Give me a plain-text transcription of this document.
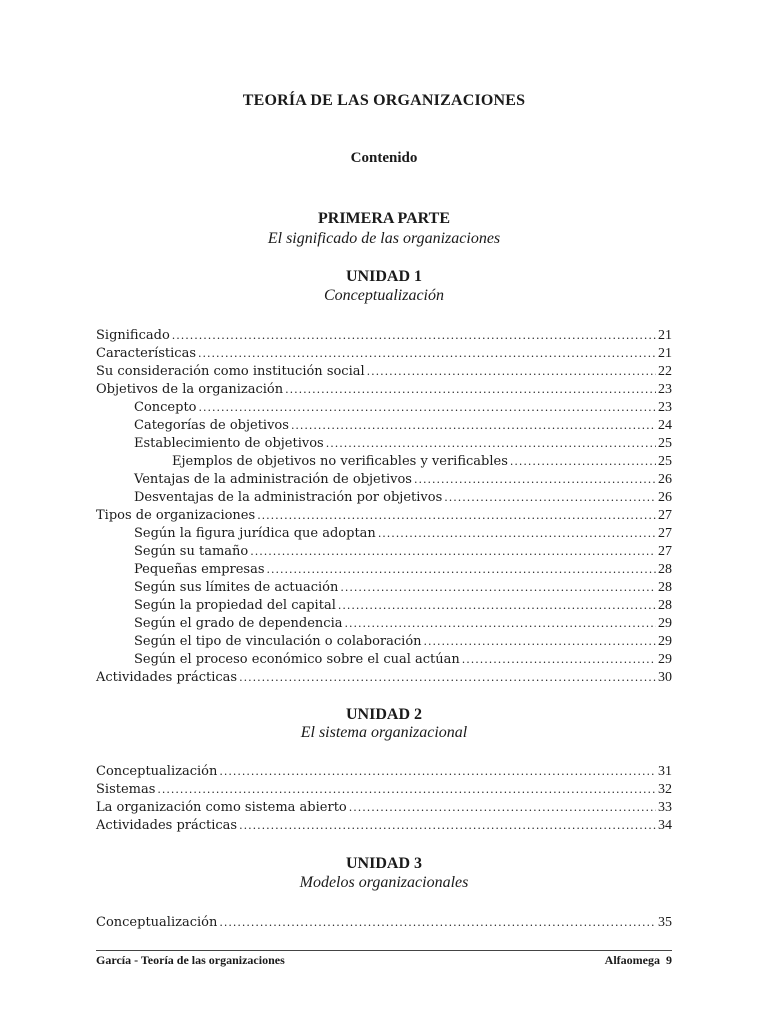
TEORÍA DE LAS ORGANIZACIONES
Contenido
PRIMERA PARTE
El significado de las organizaciones
UNIDAD 1
Conceptualización
Significado .....	21
Características .....	21
Su consideración como institución social .....	22
Objetivos de la organización .....	23
Concepto .....	23
Categorías de objetivos .....	24
Establecimiento de objetivos .....	25
Ejemplos de objetivos no verificables y verificables .....	25
Ventajas de la administración de objetivos .....	26
Desventajas de la administración por objetivos .....	26
Tipos de organizaciones .....	27
Según la figura jurídica que adoptan .....	27
Según su tamaño .....	27
Pequeñas empresas .....	28
Según sus límites de actuación .....	28
Según la propiedad del capital .....	28
Según el grado de dependencia .....	29
Según el tipo de vinculación o colaboración .....	29
Según el proceso económico sobre el cual actúan .....	29
Actividades prácticas .....	30
UNIDAD 2
El sistema organizacional
Conceptualización .....	31
Sistemas .....	32
La organización como sistema abierto .....	33
Actividades prácticas .....	34
UNIDAD 3
Modelos organizacionales
Conceptualización .....	35
García - Teoría de las organizaciones	Alfaomega 9
